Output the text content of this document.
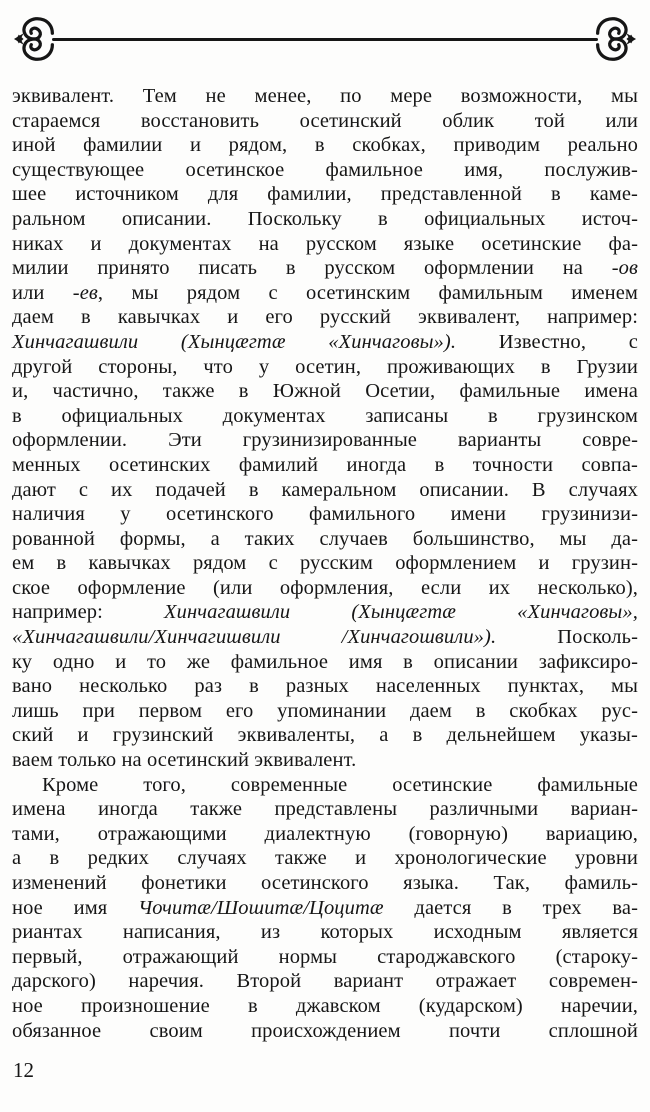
эквивалент. Тем не менее, по мере возможности, мы
стараемся восстановить осетинский облик той или
иной фамилии и рядом, в скобках, приводим реально
существующее осетинское фамильное имя, послужив-
шее источником для фамилии, представленной в каме-
ральном описании. Поскольку в официальных источ-
никах и документах на русском языке осетинские фа-
милии принято писать в русском оформлении на -ов
или -ев, мы рядом с осетинским фамильным именем
даем в кавычках и его русский эквивалент, например:
Хинчагашвили (Хынцæгтæ «Хинчаговы»). Известно, с
другой стороны, что у осетин, проживающих в Грузии
и, частично, также в Южной Осетии, фамильные имена
в официальных документах записаны в грузинском
оформлении. Эти грузинизированные варианты совре-
менных осетинских фамилий иногда в точности совпа-
дают с их подачей в камеральном описании. В случаях
наличия у осетинского фамильного имени грузинизи-
рованной формы, а таких случаев большинство, мы да-
ем в кавычках рядом с русским оформлением и грузин-
ское оформление (или оформления, если их несколько),
например: Хинчагашвили (Хынцæгтæ «Хинчаговы»,
«Хинчагашвили/Хинчагишвили /Хинчагошвили»). Посколь-
ку одно и то же фамильное имя в описании зафиксиро-
вано несколько раз в разных населенных пунктах, мы
лишь при первом его упоминании даем в скобках рус-
ский и грузинский эквиваленты, а в дельнейшем указы-
ваем только на осетинский эквивалент.
Кроме того, современные осетинские фамильные
имена иногда также представлены различными вариан-
тами, отражающими диалектную (говорную) вариацию,
а в редких случаях также и хронологические уровни
изменений фонетики осетинского языка. Так, фамиль-
ное имя Чочитæ/Шошитæ/Цоцитæ дается в трех ва-
риантах написания, из которых исходным является
первый, отражающий нормы староджавского (староку-
дарского) наречия. Второй вариант отражает современ-
ное произношение в джавском (кударском) наречии,
обязанное своим происхождением почти сплошной
12
